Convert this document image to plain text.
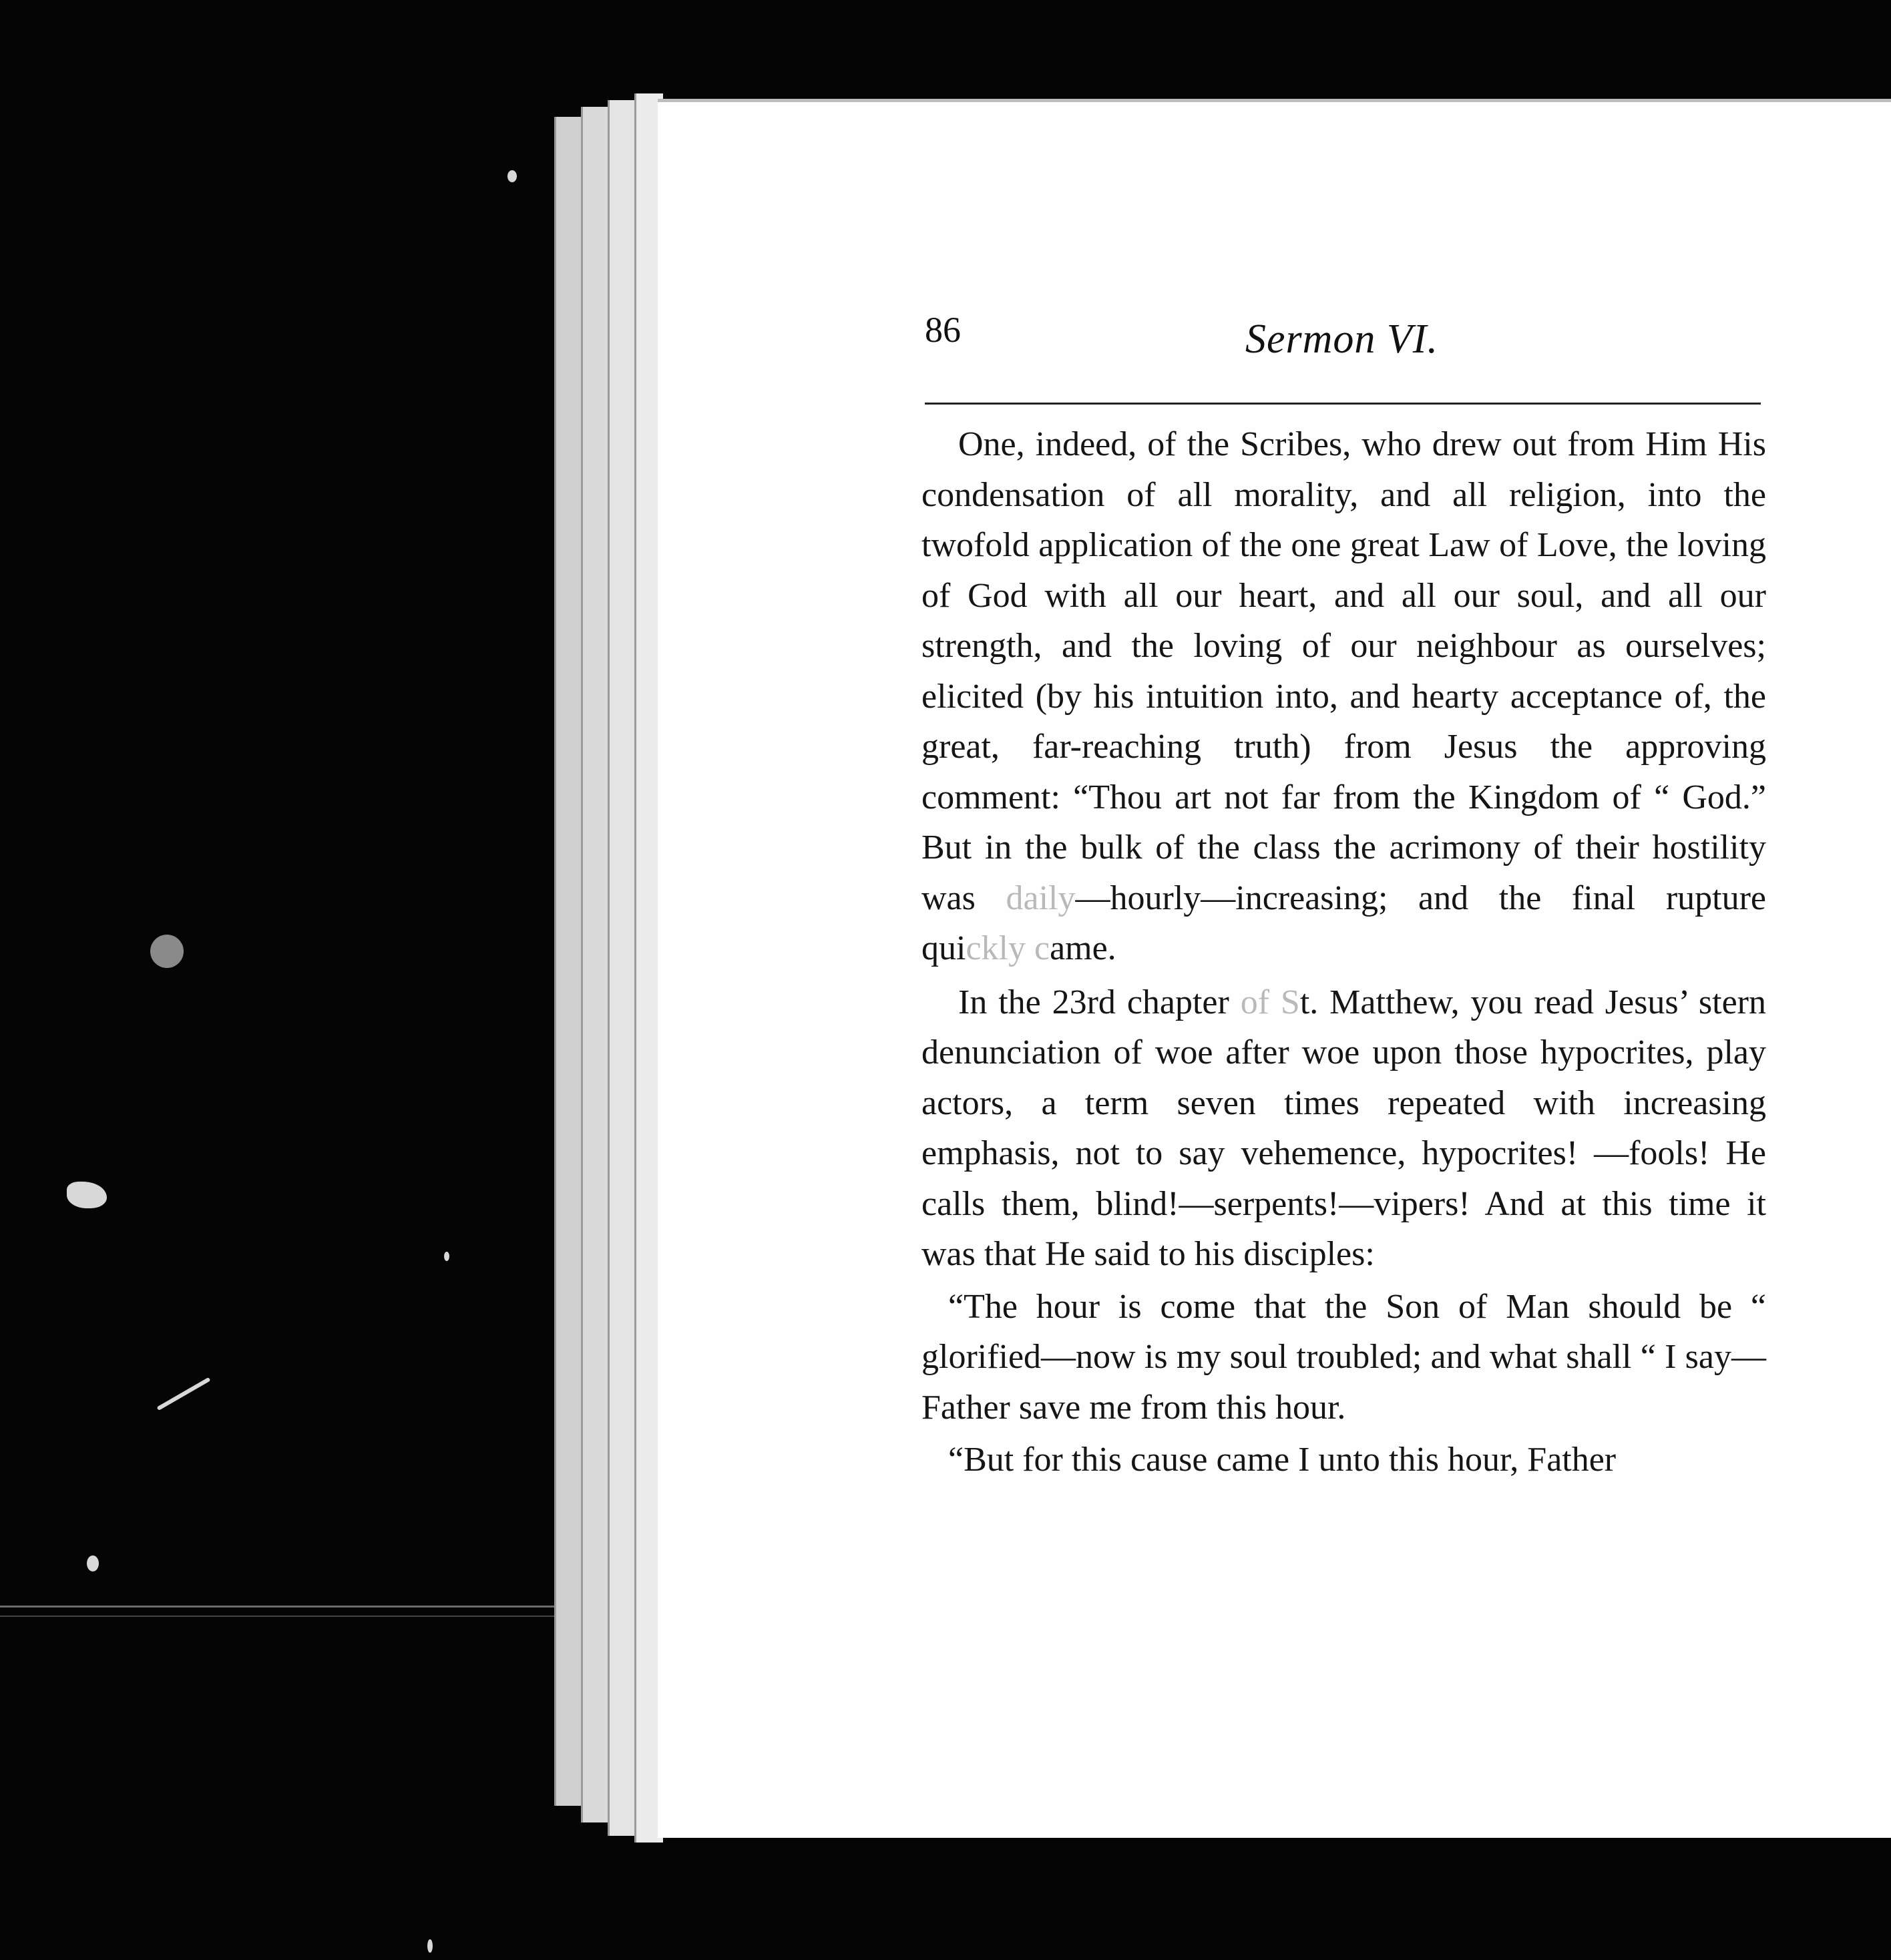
86	Sermon VI.

One, indeed, of the Scribes, who drew out from Him His condensation of all morality, and all religion, into the twofold application of the one great Law of Love, the loving of God with all our heart, and all our soul, and all our strength, and the loving of our neighbour as ourselves; elicited (by his intuition into, and hearty acceptance of, the great, far-reaching truth) from Jesus the approving comment: “Thou art not far from the Kingdom of “ God.” But in the bulk of the class the acrimony of their hostility was daily—hourly—increasing; and the final rupture quickly came.

In the 23rd chapter of St. Matthew, you read Jesus’ stern denunciation of woe after woe upon those hypocrites, play actors, a term seven times repeated with increasing emphasis, not to say vehemence, hypocrites! —fools! He calls them, blind!—serpents!—vipers! And at this time it was that He said to his disciples:

“The hour is come that the Son of Man should be “ glorified—now is my soul troubled; and what shall “ I say—Father save me from this hour.

“But for this cause came I unto this hour, Father
